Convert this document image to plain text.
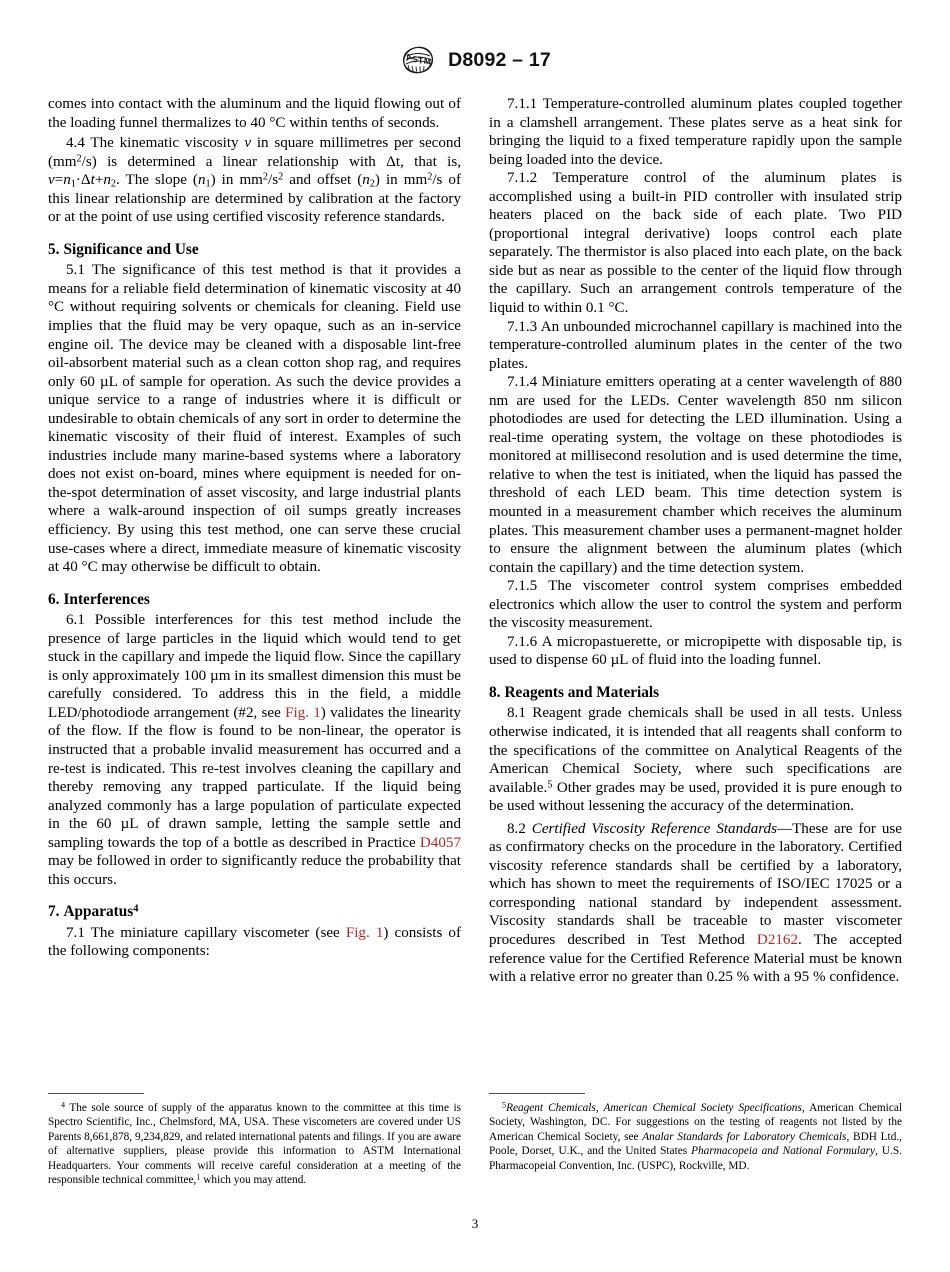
A
S T M D8092 – 17

comes into contact with the aluminum and the liquid flowing out of the loading funnel thermalizes to 40 °C within tenths of seconds.

4.4 The kinematic viscosity ν in square millimetres per second $(mm^2/s)$ is determined a linear relationship with Δt, that is, $\nu=n_1\cdot\Delta t+n_2$. The slope $(n_1)$ in $mm^2/s^2$ and offset $(n_2)$ in $mm^2/s$ of this linear relationship are determined by calibration at the factory or at the point of use using certified viscosity reference standards.

5. Significance and Use

5.1 The significance of this test method is that it provides a means for a reliable field determination of kinematic viscosity at 40 °C without requiring solvents or chemicals for cleaning. Field use implies that the fluid may be very opaque, such as an in-service engine oil. The device may be cleaned with a disposable lint-free oil-absorbent material such as a clean cotton shop rag, and requires only 60 µL of sample for operation. As such the device provides a unique service to a range of industries where it is difficult or undesirable to obtain chemicals of any sort in order to determine the kinematic viscosity of their fluid of interest. Examples of such industries include many marine-based systems where a laboratory does not exist on-board, mines where equipment is needed for on-the-spot determination of asset viscosity, and large industrial plants where a walk-around inspection of oil sumps greatly increases efficiency. By using this test method, one can serve these crucial use-cases where a direct, immediate measure of kinematic viscosity at 40 °C may otherwise be difficult to obtain.

6. Interferences

6.1 Possible interferences for this test method include the presence of large particles in the liquid which would tend to get stuck in the capillary and impede the liquid flow. Since the capillary is only approximately 100 µm in its smallest dimension this must be carefully considered. To address this in the field, a middle LED/photodiode arrangement (#2, see Fig. 1) validates the linearity of the flow. If the flow is found to be non-linear, the operator is instructed that a probable invalid measurement has occurred and a re-test is indicated. This re-test involves cleaning the capillary and thereby removing any trapped particulate. If the liquid being analyzed commonly has a large population of particulate expected in the 60 µL of drawn sample, letting the sample settle and sampling towards the top of a bottle as described in Practice D4057 may be followed in order to significantly reduce the probability that this occurs.

7. Apparatus$^4$

7.1 The miniature capillary viscometer (see Fig. 1) consists of the following components:

7.1.1 Temperature-controlled aluminum plates coupled together in a clamshell arrangement. These plates serve as a heat sink for bringing the liquid to a fixed temperature rapidly upon the sample being loaded into the device.

7.1.2 Temperature control of the aluminum plates is accomplished using a built-in PID controller with insulated strip heaters placed on the back side of each plate. Two PID (proportional integral derivative) loops control each plate separately. The thermistor is also placed into each plate, on the back side but as near as possible to the center of the liquid flow through the capillary. Such an arrangement controls temperature of the liquid to within 0.1 °C.

7.1.3 An unbounded microchannel capillary is machined into the temperature-controlled aluminum plates in the center of the two plates.

7.1.4 Miniature emitters operating at a center wavelength of 880 nm are used for the LEDs. Center wavelength 850 nm silicon photodiodes are used for detecting the LED illumination. Using a real-time operating system, the voltage on these photodiodes is monitored at millisecond resolution and is used determine the time, relative to when the test is initiated, when the liquid has passed the threshold of each LED beam. This time detection system is mounted in a measurement chamber which receives the aluminum plates. This measurement chamber uses a permanent-magnet holder to ensure the alignment between the aluminum plates (which contain the capillary) and the time detection system.

7.1.5 The viscometer control system comprises embedded electronics which allow the user to control the system and perform the viscosity measurement.

7.1.6 A micropastuerette, or micropipette with disposable tip, is used to dispense 60 µL of fluid into the loading funnel.

8. Reagents and Materials

8.1 Reagent grade chemicals shall be used in all tests. Unless otherwise indicated, it is intended that all reagents shall conform to the specifications of the committee on Analytical Reagents of the American Chemical Society, where such specifications are available.$^5$ Other grades may be used, provided it is pure enough to be used without lessening the accuracy of the determination.

8.2 Certified Viscosity Reference Standards—These are for use as confirmatory checks on the procedure in the laboratory. Certified viscosity reference standards shall be certified by a laboratory, which has shown to meet the requirements of ISO/IEC 17025 or a corresponding national standard by independent assessment. Viscosity standards shall be traceable to master viscometer procedures described in Test Method D2162. The accepted reference value for the Certified Reference Material must be known with a relative error no greater than 0.25 % with a 95 % confidence.

$^4$ The sole source of supply of the apparatus known to the committee at this time is Spectro Scientific, Inc., Chelmsford, MA, USA. These viscometers are covered under US Parents 8,661,878, 9,234,829, and related international patents and filings. If you are aware of alternative suppliers, please provide this information to ASTM International Headquarters. Your comments will receive careful consideration at a meeting of the responsible technical committee,$^1$ which you may attend.

$^5$Reagent Chemicals, American Chemical Society Specifications, American Chemical Society, Washington, DC. For suggestions on the testing of reagents not listed by the American Chemical Society, see Analar Standards for Laboratory Chemicals, BDH Ltd., Poole, Dorset, U.K., and the United States Pharmacopeia and National Formulary, U.S. Pharmacopeial Convention, Inc. (USPC), Rockville, MD.

3
